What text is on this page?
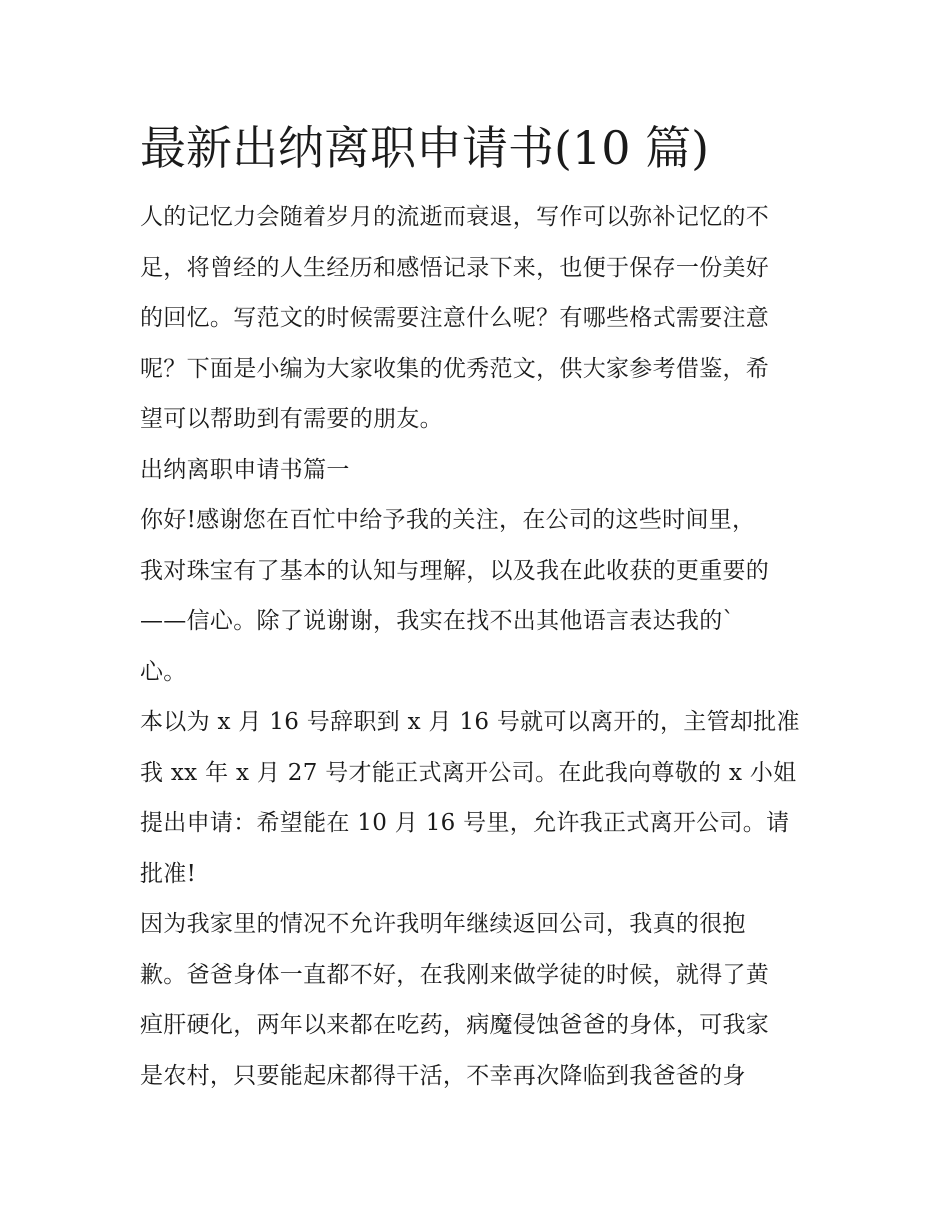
最新出纳离职申请书(10 篇)
人的记忆力会随着岁月的流逝而衰退，写作可以弥补记忆的不
足，将曾经的人生经历和感悟记录下来，也便于保存一份美好
的回忆。写范文的时候需要注意什么呢？有哪些格式需要注意
呢？下面是小编为大家收集的优秀范文，供大家参考借鉴，希
望可以帮助到有需要的朋友。
出纳离职申请书篇一
你好!感谢您在百忙中给予我的关注，在公司的这些时间里，
我对珠宝有了基本的认知与理解，以及我在此收获的更重要的
——信心。除了说谢谢，我实在找不出其他语言表达我的`
心。
本以为 x 月 16 号辞职到 x 月 16 号就可以离开的，主管却批准
我 xx 年 x 月 27 号才能正式离开公司。在此我向尊敬的 x 小姐
提出申请：希望能在 10 月 16 号里，允许我正式离开公司。请
批准!
因为我家里的情况不允许我明年继续返回公司，我真的很抱
歉。爸爸身体一直都不好，在我刚来做学徒的时候，就得了黄
疸肝硬化，两年以来都在吃药，病魔侵蚀爸爸的身体，可我家
是农村，只要能起床都得干活，不幸再次降临到我爸爸的身
